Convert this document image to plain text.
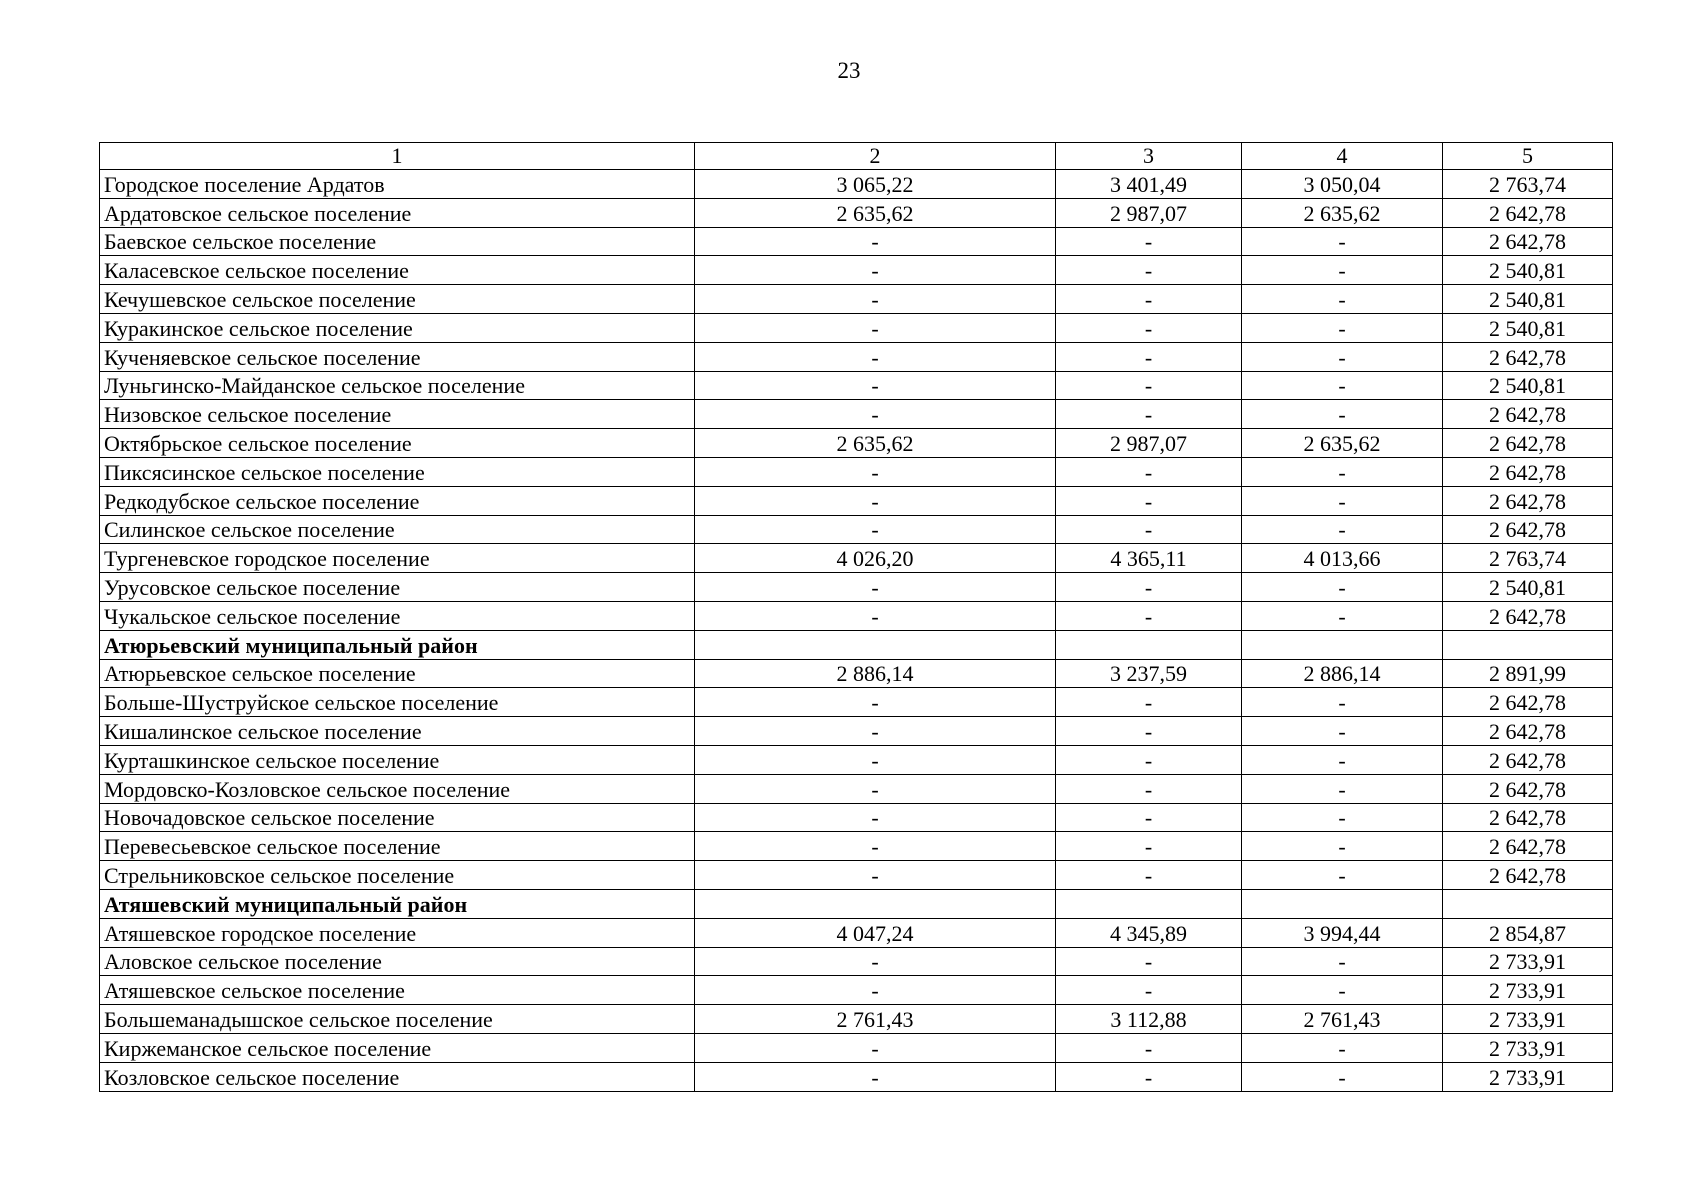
23
1	2	3	4	5
Городское поселение Ардатов	3 065,22	3 401,49	3 050,04	2 763,74
Ардатовское сельское поселение	2 635,62	2 987,07	2 635,62	2 642,78
Баевское сельское поселение	-	-	-	2 642,78
Каласевское сельское поселение	-	-	-	2 540,81
Кечушевское сельское поселение	-	-	-	2 540,81
Куракинское сельское поселение	-	-	-	2 540,81
Кученяевское сельское поселение	-	-	-	2 642,78
Луньгинско-Майданское сельское поселение	-	-	-	2 540,81
Низовское сельское поселение	-	-	-	2 642,78
Октябрьское сельское поселение	2 635,62	2 987,07	2 635,62	2 642,78
Пиксясинское сельское поселение	-	-	-	2 642,78
Редкодубское сельское поселение	-	-	-	2 642,78
Силинское сельское поселение	-	-	-	2 642,78
Тургеневское городское поселение	4 026,20	4 365,11	4 013,66	2 763,74
Урусовское сельское поселение	-	-	-	2 540,81
Чукальское сельское поселение	-	-	-	2 642,78
Атюрьевский муниципальный район				
Атюрьевское сельское поселение	2 886,14	3 237,59	2 886,14	2 891,99
Больше-Шуструйское сельское поселение	-	-	-	2 642,78
Кишалинское сельское поселение	-	-	-	2 642,78
Курташкинское сельское поселение	-	-	-	2 642,78
Мордовско-Козловское сельское поселение	-	-	-	2 642,78
Новочадовское сельское поселение	-	-	-	2 642,78
Перевесьевское сельское поселение	-	-	-	2 642,78
Стрельниковское сельское поселение	-	-	-	2 642,78
Атяшевский муниципальный район				
Атяшевское городское поселение	4 047,24	4 345,89	3 994,44	2 854,87
Аловское сельское поселение	-	-	-	2 733,91
Атяшевское сельское поселение	-	-	-	2 733,91
Большеманадышское сельское поселение	2 761,43	3 112,88	2 761,43	2 733,91
Киржеманское сельское поселение	-	-	-	2 733,91
Козловское сельское поселение	-	-	-	2 733,91
